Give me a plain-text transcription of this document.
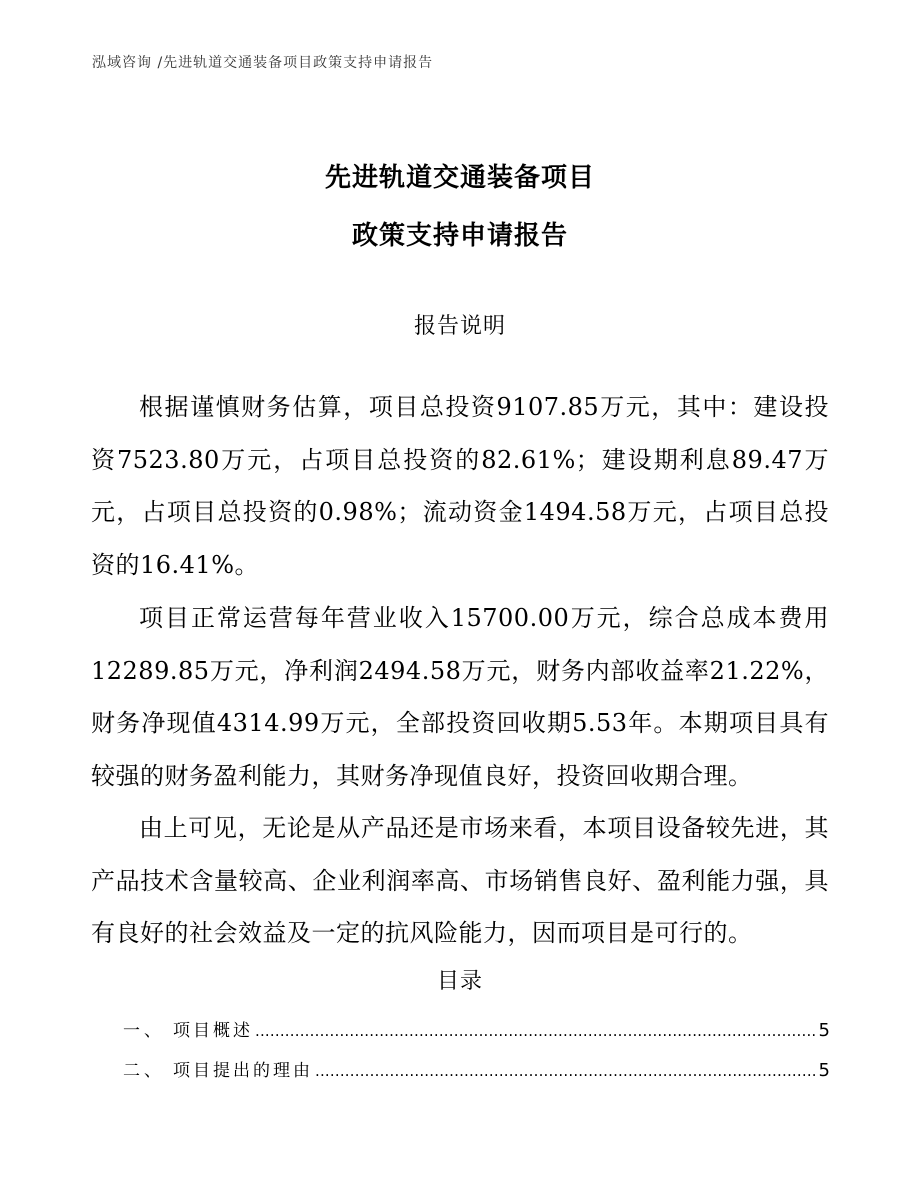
泓域咨询 /先进轨道交通装备项目政策支持申请报告
先进轨道交通装备项目
政策支持申请报告
报告说明

根据谨慎财务估算，项目总投资9107.85万元，其中：建设投资7523.80万元，占项目总投资的82.61%；建设期利息89.47万元，占项目总投资的0.98%；流动资金1494.58万元，占项目总投资的16.41%。

项目正常运营每年营业收入15700.00万元，综合总成本费用12289.85万元，净利润2494.58万元，财务内部收益率21.22%，财务净现值4314.99万元，全部投资回收期5.53年。本期项目具有较强的财务盈利能力，其财务净现值良好，投资回收期合理。

由上可见，无论是从产品还是市场来看，本项目设备较先进，其产品技术含量较高、企业利润率高、市场销售良好、盈利能力强，具有良好的社会效益及一定的抗风险能力，因而项目是可行的。

目录
一、 项目概述 .....	5
二、 项目提出的理由 .....	5
